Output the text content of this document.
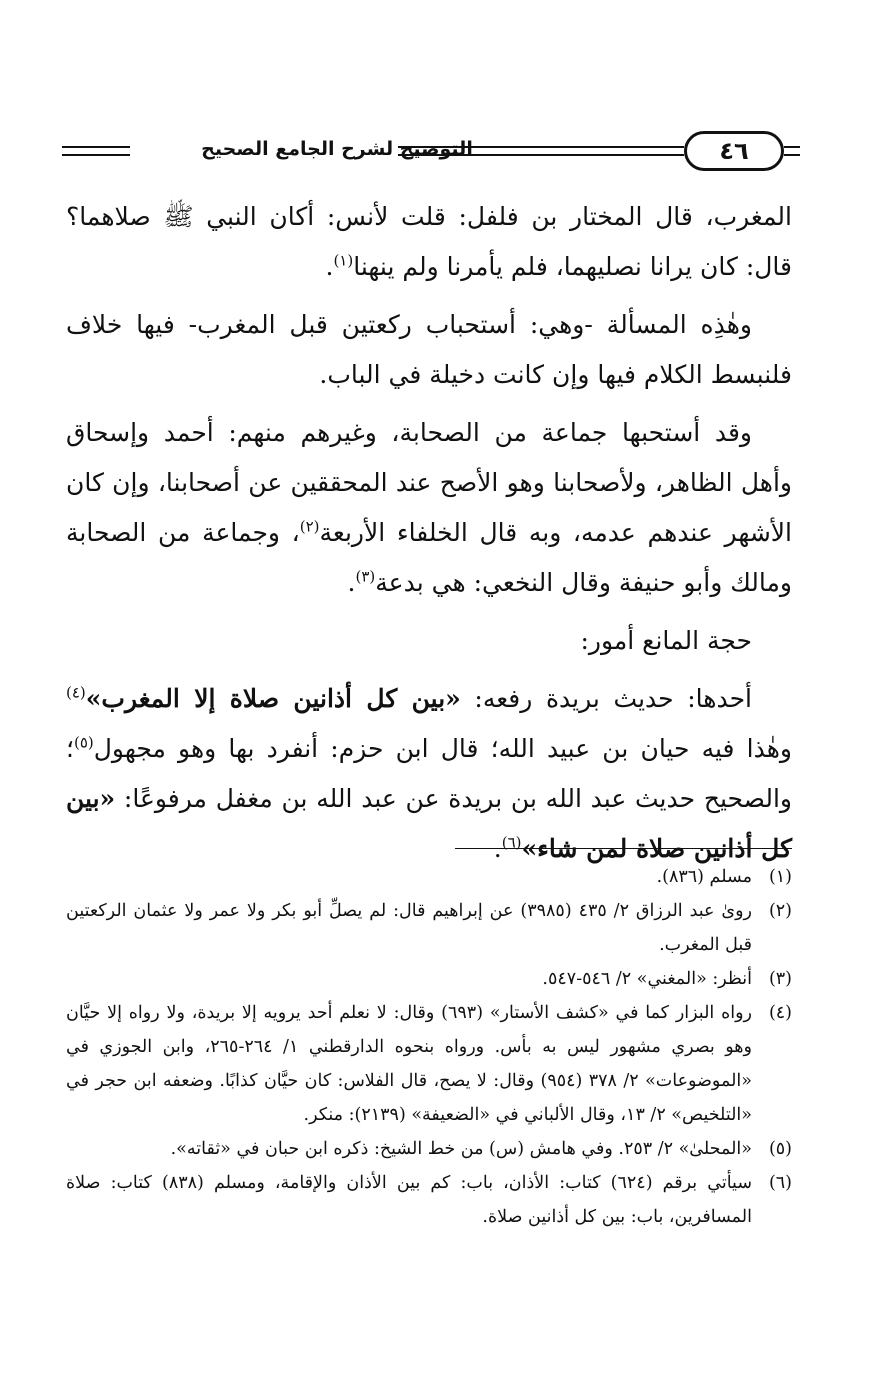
التوضيح لشرح الجامع الصحيح	٤٦

المغرب، قال المختار بن فلفل: قلت لأنس: أكان النبي ﷺ صلاهما؟ قال: كان يرانا نصليهما، فلم يأمرنا ولم ينهنا$^{(١)}$.

وهٰذِه المسألة -وهي: أستحباب ركعتين قبل المغرب- فيها خلاف فلنبسط الكلام فيها وإن كانت دخيلة في الباب.

وقد أستحبها جماعة من الصحابة، وغيرهم منهم: أحمد وإسحاق وأهل الظاهر، ولأصحابنا وهو الأصح عند المحققين عن أصحابنا، وإن كان الأشهر عندهم عدمه، وبه قال الخلفاء الأربعة$^{(٢)}$، وجماعة من الصحابة ومالك وأبو حنيفة وقال النخعي: هي بدعة$^{(٣)}$.

حجة المانع أمور:

أحدها: حديث بريدة رفعه: «بين كل أذانين صلاة إلا المغرب»$^{(٤)}$ وهٰذا فيه حيان بن عبيد الله؛ قال ابن حزم: أنفرد بها وهو مجهول$^{(٥)}$؛ والصحيح حديث عبد الله بن بريدة عن عبد الله بن مغفل مرفوعًا: «بين كل أذانين صلاة لمن شاء»$^{(٦)}$.

(١)
مسلم (٨٣٦).
(٢)
روىٰ عبد الرزاق ٢/ ٤٣٥ (٣٩٨٥) عن إبراهيم قال: لم يصلِّ أبو بكر ولا عمر ولا عثمان الركعتين قبل المغرب.
(٣)
أنظر: «المغني» ٢/ ٥٤٦-٥٤٧.
(٤)
رواه البزار كما في «كشف الأستار» (٦٩٣) وقال: لا نعلم أحد يرويه إلا بريدة، ولا رواه إلا حيَّان وهو بصري مشهور ليس به بأس. ورواه بنحوه الدارقطني ١/ ٢٦٤-٢٦٥، وابن الجوزي في «الموضوعات» ٢/ ٣٧٨ (٩٥٤) وقال: لا يصح، قال الفلاس: كان حيَّان كذابًا. وضعفه ابن حجر في «التلخيص» ٢/ ١٣، وقال الألباني في «الضعيفة» (٢١٣٩): منكر.
(٥)
«المحلىٰ» ٢/ ٢٥٣. وفي هامش (س) من خط الشيخ: ذكره ابن حبان في «ثقاته».
(٦)
سيأتي برقم (٦٢٤) كتاب: الأذان، باب: كم بين الأذان والإقامة، ومسلم (٨٣٨) كتاب: صلاة المسافرين، باب: بين كل أذانين صلاة.
